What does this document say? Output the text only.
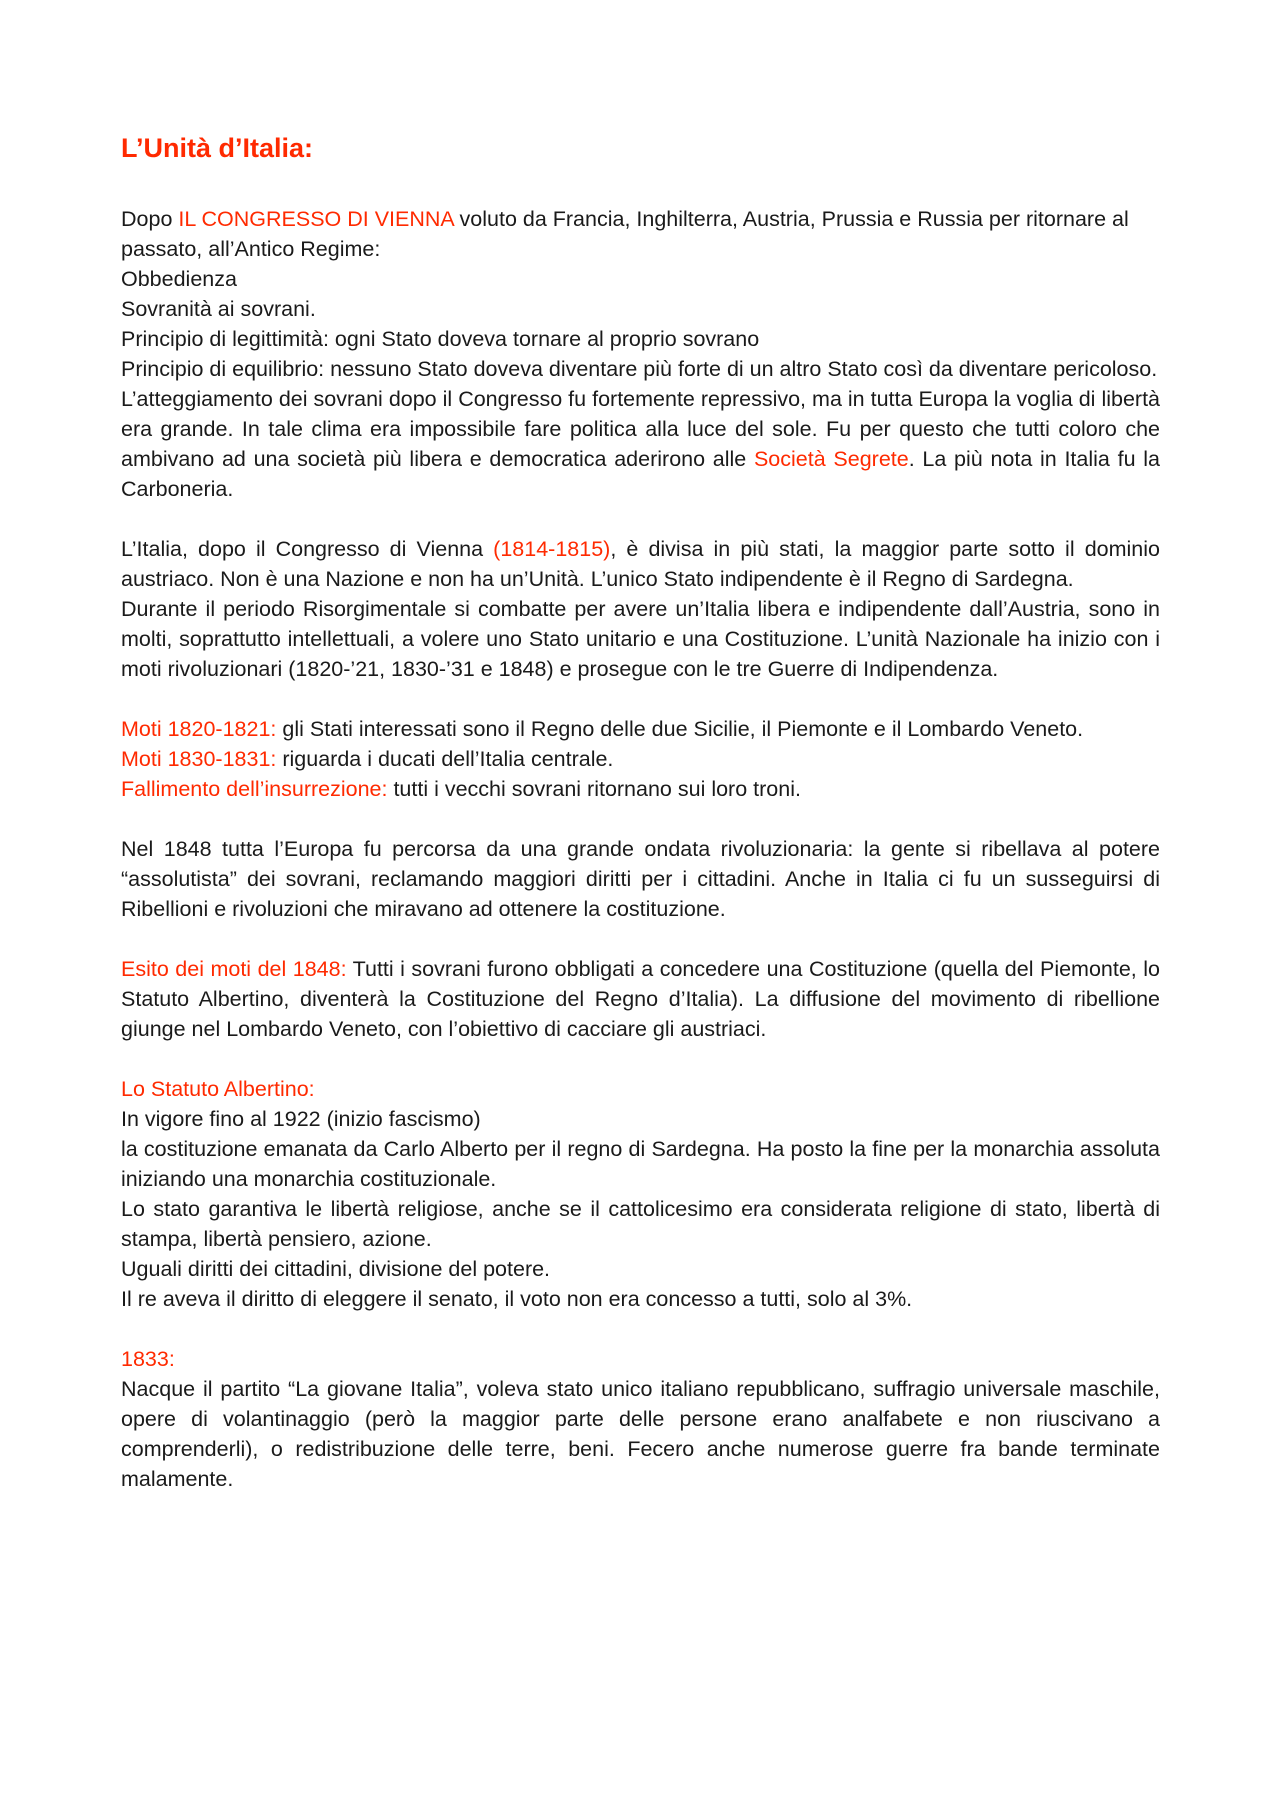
L’Unità d’Italia:

Dopo IL CONGRESSO DI VIENNA voluto da Francia, Inghilterra, Austria, Prussia e Russia per ritornare al passato, all’Antico Regime:

Obbedienza
Sovranità ai sovrani.
Principio di legittimità: ogni Stato doveva tornare al proprio sovrano

Principio di equilibrio: nessuno Stato doveva diventare più forte di un altro Stato così da diventare pericoloso.

L’atteggiamento dei sovrani dopo il Congresso fu fortemente repressivo, ma in tutta Europa la voglia di libertà era grande. In tale clima era impossibile fare politica alla luce del sole. Fu per questo che tutti coloro che ambivano ad una società più libera e democratica aderirono alle Società Segrete. La più nota in Italia fu la Carboneria.

L’Italia, dopo il Congresso di Vienna (1814-1815), è divisa in più stati, la maggior parte sotto il dominio austriaco. Non è una Nazione e non ha un’Unità. L’unico Stato indipendente è il Regno di Sardegna.

Durante il periodo Risorgimentale si combatte per avere un’Italia libera e indipendente dall’Austria, sono in molti, soprattutto intellettuali, a volere uno Stato unitario e una Costituzione. L’unità Nazionale ha inizio con i moti rivoluzionari (1820-’21, 1830-’31 e 1848) e prosegue con le tre Guerre di Indipendenza.

Moti 1820-1821: gli Stati interessati sono il Regno delle due Sicilie, il Piemonte e il Lombardo Veneto.

Moti 1830-1831: riguarda i ducati dell’Italia centrale.

Fallimento dell’insurrezione: tutti i vecchi sovrani ritornano sui loro troni.

Nel 1848 tutta l’Europa fu percorsa da una grande ondata rivoluzionaria: la gente si ribellava al potere “assolutista” dei sovrani, reclamando maggiori diritti per i cittadini. Anche in Italia ci fu un susseguirsi di Ribellioni e rivoluzioni che miravano ad ottenere la costituzione.

Esito dei moti del 1848: Tutti i sovrani furono obbligati a concedere una Costituzione (quella del Piemonte, lo Statuto Albertino, diventerà la Costituzione del Regno d’Italia). La diffusione del movimento di ribellione giunge nel Lombardo Veneto, con l’obiettivo di cacciare gli austriaci.

Lo Statuto Albertino:
In vigore fino al 1922 (inizio fascismo)

la costituzione emanata da Carlo Alberto per il regno di Sardegna. Ha posto la fine per la monarchia assoluta iniziando una monarchia costituzionale.

Lo stato garantiva le libertà religiose, anche se il cattolicesimo era considerata religione di stato, libertà di stampa, libertà pensiero, azione.

Uguali diritti dei cittadini, divisione del potere.
Il re aveva il diritto di eleggere il senato, il voto non era concesso a tutti, solo al 3%.
1833:

Nacque il partito “La giovane Italia”, voleva stato unico italiano repubblicano, suffragio universale maschile, opere di volantinaggio (però la maggior parte delle persone erano analfabete e non riuscivano a comprenderli), o redistribuzione delle terre, beni. Fecero anche numerose guerre fra bande terminate malamente.
